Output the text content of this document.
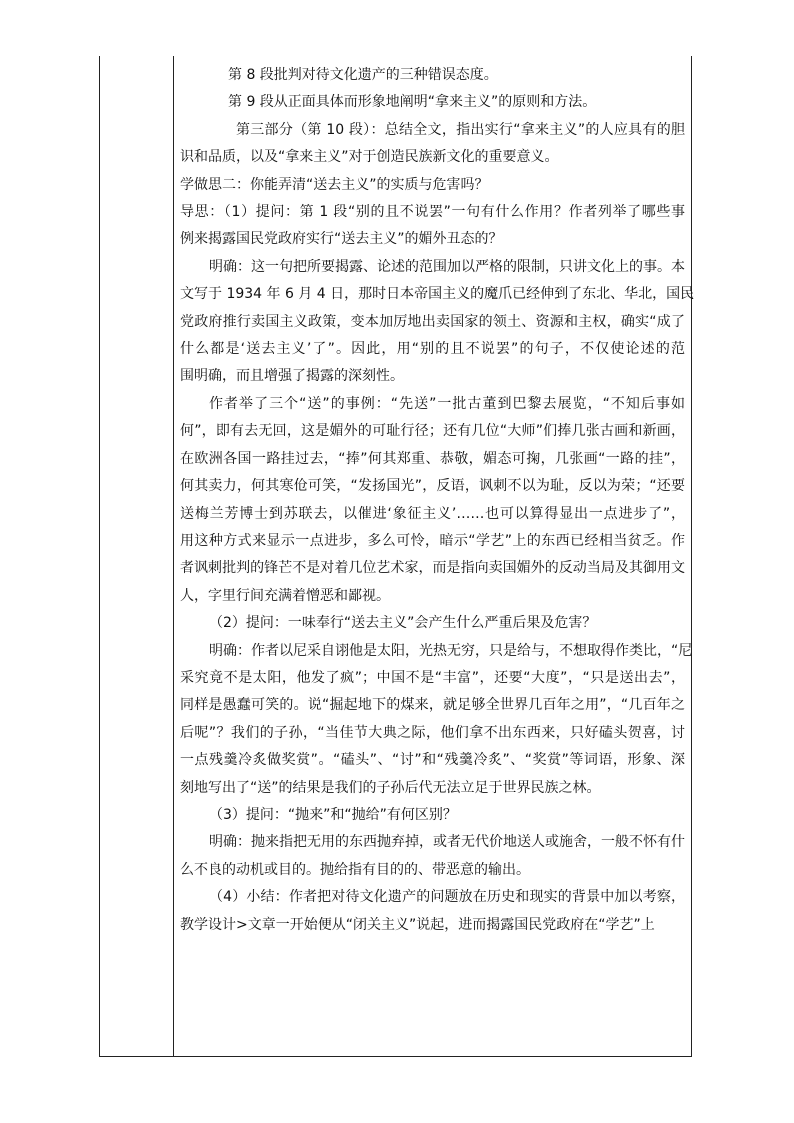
第 8 段批判对待文化遗产的三种错误态度。
第 9 段从正面具体而形象地阐明“拿来主义”的原则和方法。
第三部分（第 10 段）：总结全文，指出实行“拿来主义”的人应具有的胆
识和品质，以及“拿来主义”对于创造民族新文化的重要意义。
学做思二：你能弄清“送去主义”的实质与危害吗？
导思：（1）提问：第 1 段“别的且不说罢”一句有什么作用？作者列举了哪些事
例来揭露国民党政府实行“送去主义”的媚外丑态的？
明确：这一句把所要揭露、论述的范围加以严格的限制，只讲文化上的事。本
文写于 1934 年 6 月 4 日，那时日本帝国主义的魔爪已经伸到了东北、华北，国民
党政府推行卖国主义政策，变本加厉地出卖国家的领土、资源和主权，确实“成了
什么都是‘送去主义’了”。因此，用“别的且不说罢”的句子，不仅使论述的范
围明确，而且增强了揭露的深刻性。
作者举了三个“送”的事例：“先送”一批古董到巴黎去展览，“不知后事如
何”，即有去无回，这是媚外的可耻行径；还有几位“大师”们捧几张古画和新画，
在欧洲各国一路挂过去，“捧”何其郑重、恭敬，媚态可掬，几张画“一路的挂”，
何其卖力，何其寒伧可笑，“发扬国光”，反语，讽刺不以为耻，反以为荣；“还要
送梅兰芳博士到苏联去，以催进‘象征主义’……也可以算得显出一点进步了”，
用这种方式来显示一点进步，多么可怜，暗示“学艺”上的东西已经相当贫乏。作
者讽刺批判的锋芒不是对着几位艺术家，而是指向卖国媚外的反动当局及其御用文
人，字里行间充满着憎恶和鄙视。
（2）提问：一味奉行“送去主义”会产生什么严重后果及危害？
明确：作者以尼采自诩他是太阳，光热无穷，只是给与，不想取得作类比，“尼
采究竟不是太阳，他发了疯”；中国不是“丰富”，还要“大度”，“只是送出去”，
同样是愚蠢可笑的。说“掘起地下的煤来，就足够全世界几百年之用”，“几百年之
后呢”？我们的子孙，“当佳节大典之际，他们拿不出东西来，只好磕头贺喜，讨
一点残羹冷炙做奖赏”。“磕头”、“讨”和“残羹冷炙”、“奖赏”等词语，形象、深
刻地写出了“送”的结果是我们的子孙后代无法立足于世界民族之林。
（3）提问：“抛来”和“抛给”有何区别？
明确：抛来指把无用的东西抛弃掉，或者无代价地送人或施舍，一般不怀有什
么不良的动机或目的。抛给指有目的的、带恶意的输出。
（4）小结：作者把对待文化遗产的问题放在历史和现实的背景中加以考察，
教学设计>文章一开始便从“闭关主义”说起，进而揭露国民党政府在“学艺”上
